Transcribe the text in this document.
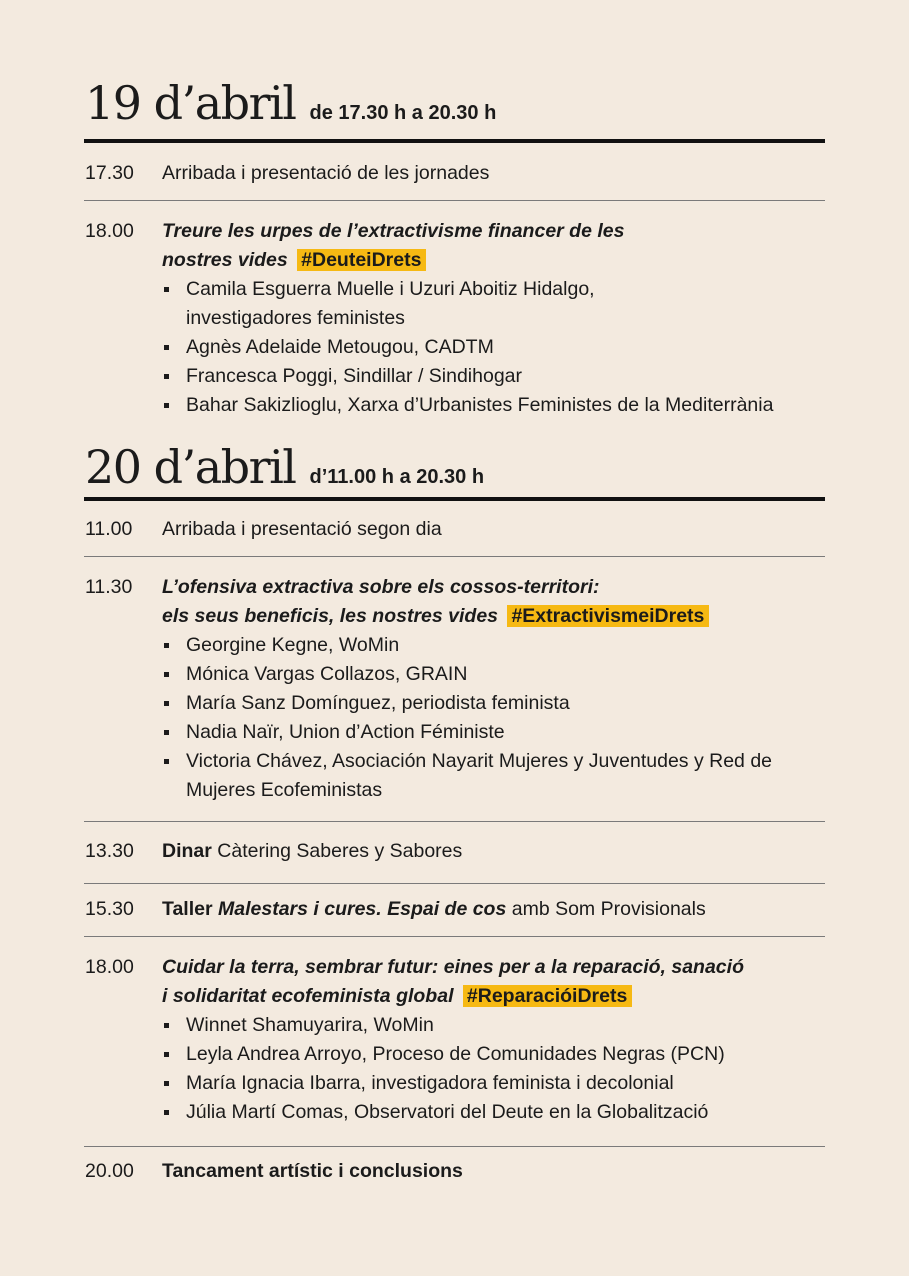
19 d’abril de 17.30 h a 20.30 h
17.30 Arribada i presentació de les jornades
18.00 Treure les urpes de l’extractivisme financer de les
nostres vides #DeuteiDrets
Camila Esguerra Muelle i Uzuri Aboitiz Hidalgo,
investigadores feministes
Agnès Adelaide Metougou, CADTM
Francesca Poggi, Sindillar / Sindihogar
Bahar Sakizlioglu, Xarxa d’Urbanistes Feministes de la Mediterrània
20 d’abril d’11.00 h a 20.30 h
11.00 Arribada i presentació segon dia
11.30 L’ofensiva extractiva sobre els cossos-territori:
els seus beneficis, les nostres vides #ExtractivismeiDrets
Georgine Kegne, WoMin
Mónica Vargas Collazos, GRAIN
María Sanz Domínguez, periodista feminista
Nadia Naïr, Union d’Action Féministe
Victoria Chávez, Asociación Nayarit Mujeres y Juventudes y Red de
Mujeres Ecofeministas
13.30 Dinar Càtering Saberes y Sabores
15.30 Taller Malestars i cures. Espai de cos amb Som Provisionals
18.00 Cuidar la terra, sembrar futur: eines per a la reparació, sanació
i solidaritat ecofeminista global #ReparacióiDrets
Winnet Shamuyarira, WoMin
Leyla Andrea Arroyo, Proceso de Comunidades Negras (PCN)
María Ignacia Ibarra, investigadora feminista i decolonial
Júlia Martí Comas, Observatori del Deute en la Globalització
20.00 Tancament artístic i conclusions
